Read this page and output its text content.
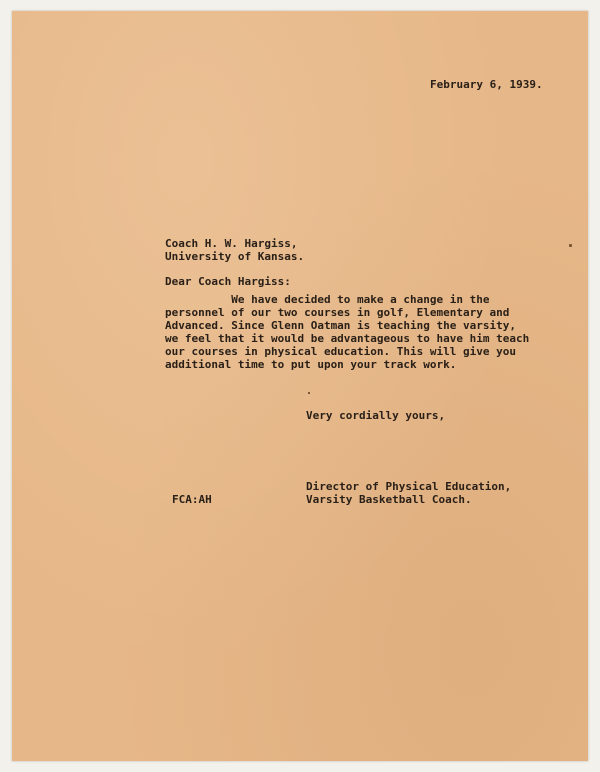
February 6, 1939.
Coach H. W. Hargiss,
University of Kansas.
Dear Coach Hargiss:
We have decided to make a change in the
personnel of our two courses in golf, Elementary and
Advanced. Since Glenn Oatman is teaching the varsity,
we feel that it would be advantageous to have him teach
our courses in physical education. This will give you
additional time to put upon your track work.
Very cordially yours,
Director of Physical Education,
Varsity Basketball Coach.
FCA:AH
